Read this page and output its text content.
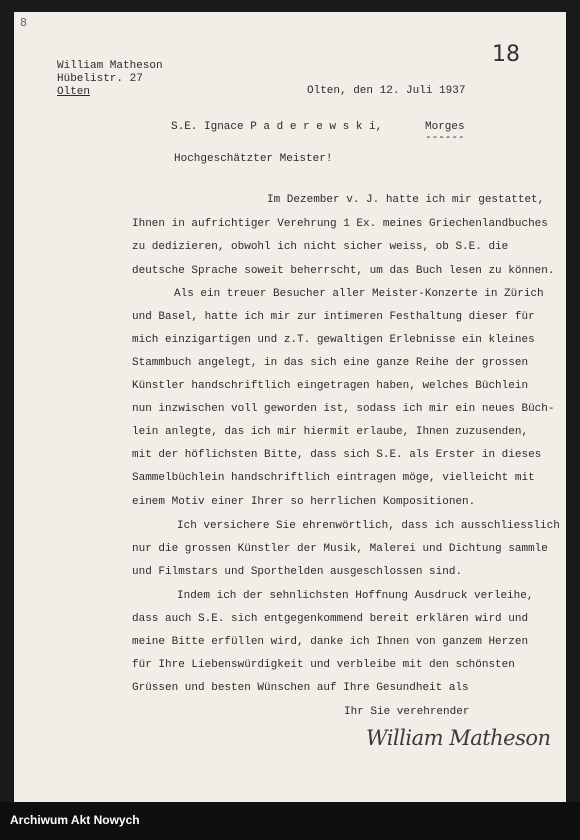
8
18
William Matheson
Hübelistr. 27
Olten	Olten, den 12. Juli 1937
S.E. Ignace P a d e r e w s k i,	Morges
------
Hochgeschätzter Meister!
Im Dezember v. J. hatte ich mir gestattet,
Ihnen in aufrichtiger Verehrung 1 Ex. meines Griechenlandbuches
zu dedizieren, obwohl ich nicht sicher weiss, ob S.E. die
deutsche Sprache soweit beherrscht, um das Buch lesen zu können.
Als ein treuer Besucher aller Meister-Konzerte in Zürich
und Basel, hatte ich mir zur intimeren Festhaltung dieser für
mich einzigartigen und z.T. gewaltigen Erlebnisse ein kleines
Stammbuch angelegt, in das sich eine ganze Reihe der grossen
Künstler handschriftlich eingetragen haben, welches Büchlein
nun inzwischen voll geworden ist, sodass ich mir ein neues Büch-
lein anlegte, das ich mir hiermit erlaube, Ihnen zuzusenden,
mit der höflichsten Bitte, dass sich S.E. als Erster in dieses
Sammelbüchlein handschriftlich eintragen möge, vielleicht mit
einem Motiv einer Ihrer so herrlichen Kompositionen.
Ich versichere Sie ehrenwörtlich, dass ich ausschliesslich
nur die grossen Künstler der Musik, Malerei und Dichtung sammle
und Filmstars und Sporthelden ausgeschlossen sind.
Indem ich der sehnlichsten Hoffnung Ausdruck verleihe,
dass auch S.E. sich entgegenkommend bereit erklären wird und
meine Bitte erfüllen wird, danke ich Ihnen von ganzem Herzen
für Ihre Liebenswürdigkeit und verbleibe mit den schönsten
Grüssen und besten Wünschen auf Ihre Gesundheit als
Ihr Sie verehrender
William Matheson
Archiwum Akt Nowych
